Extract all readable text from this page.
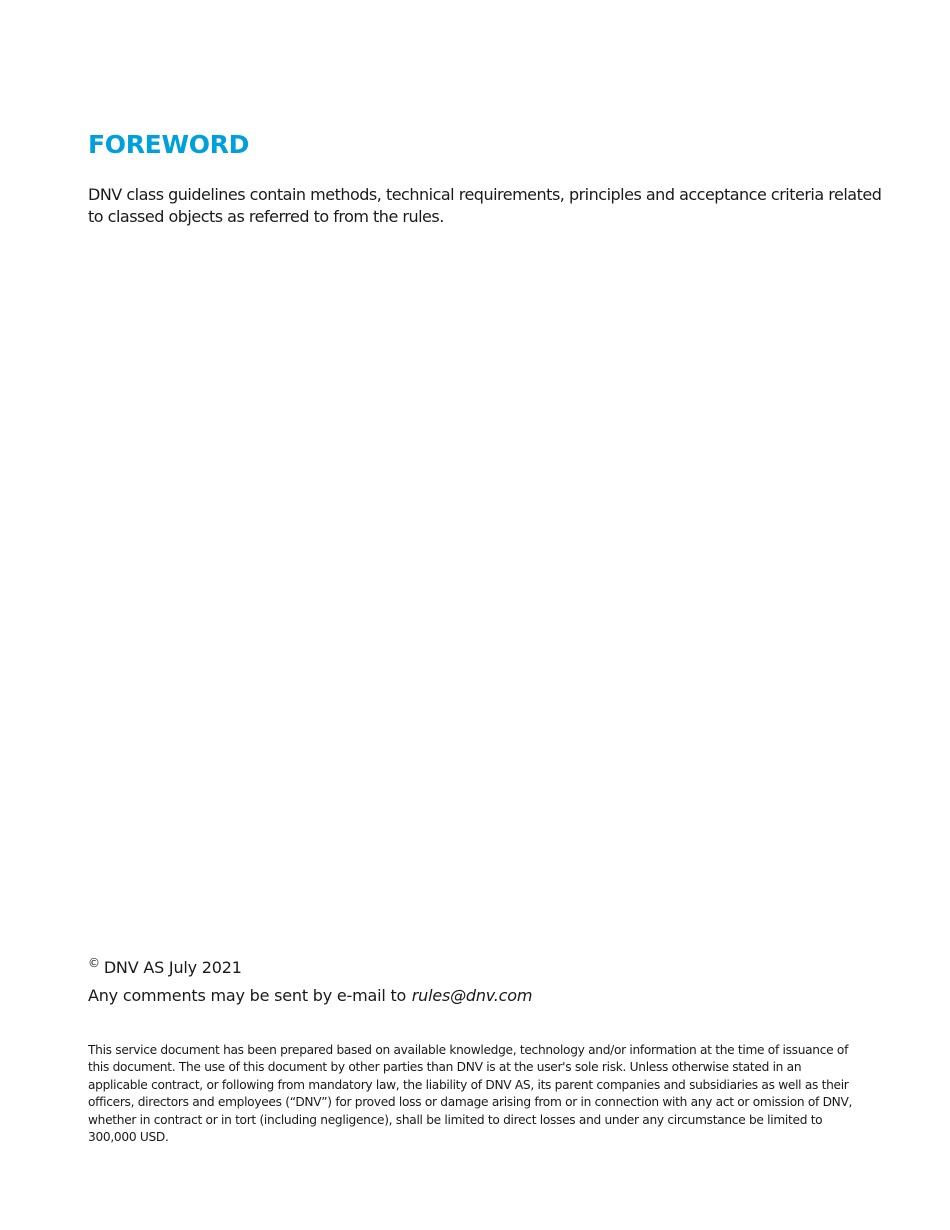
FOREWORD

DNV class guidelines contain methods, technical requirements, principles and acceptance criteria related to classed objects as referred to from the rules.

© DNV AS July 2021
Any comments may be sent by e-mail to rules@dnv.com

This service document has been prepared based on available knowledge, technology and/or information at the time of issuance of this document. The use of this document by other parties than DNV is at the user's sole risk. Unless otherwise stated in an applicable contract, or following from mandatory law, the liability of DNV AS, its parent companies and subsidiaries as well as their officers, directors and employees (“DNV”) for proved loss or damage arising from or in connection with any act or omission of DNV, whether in contract or in tort (including negligence), shall be limited to direct losses and under any circumstance be limited to 300,000 USD.
